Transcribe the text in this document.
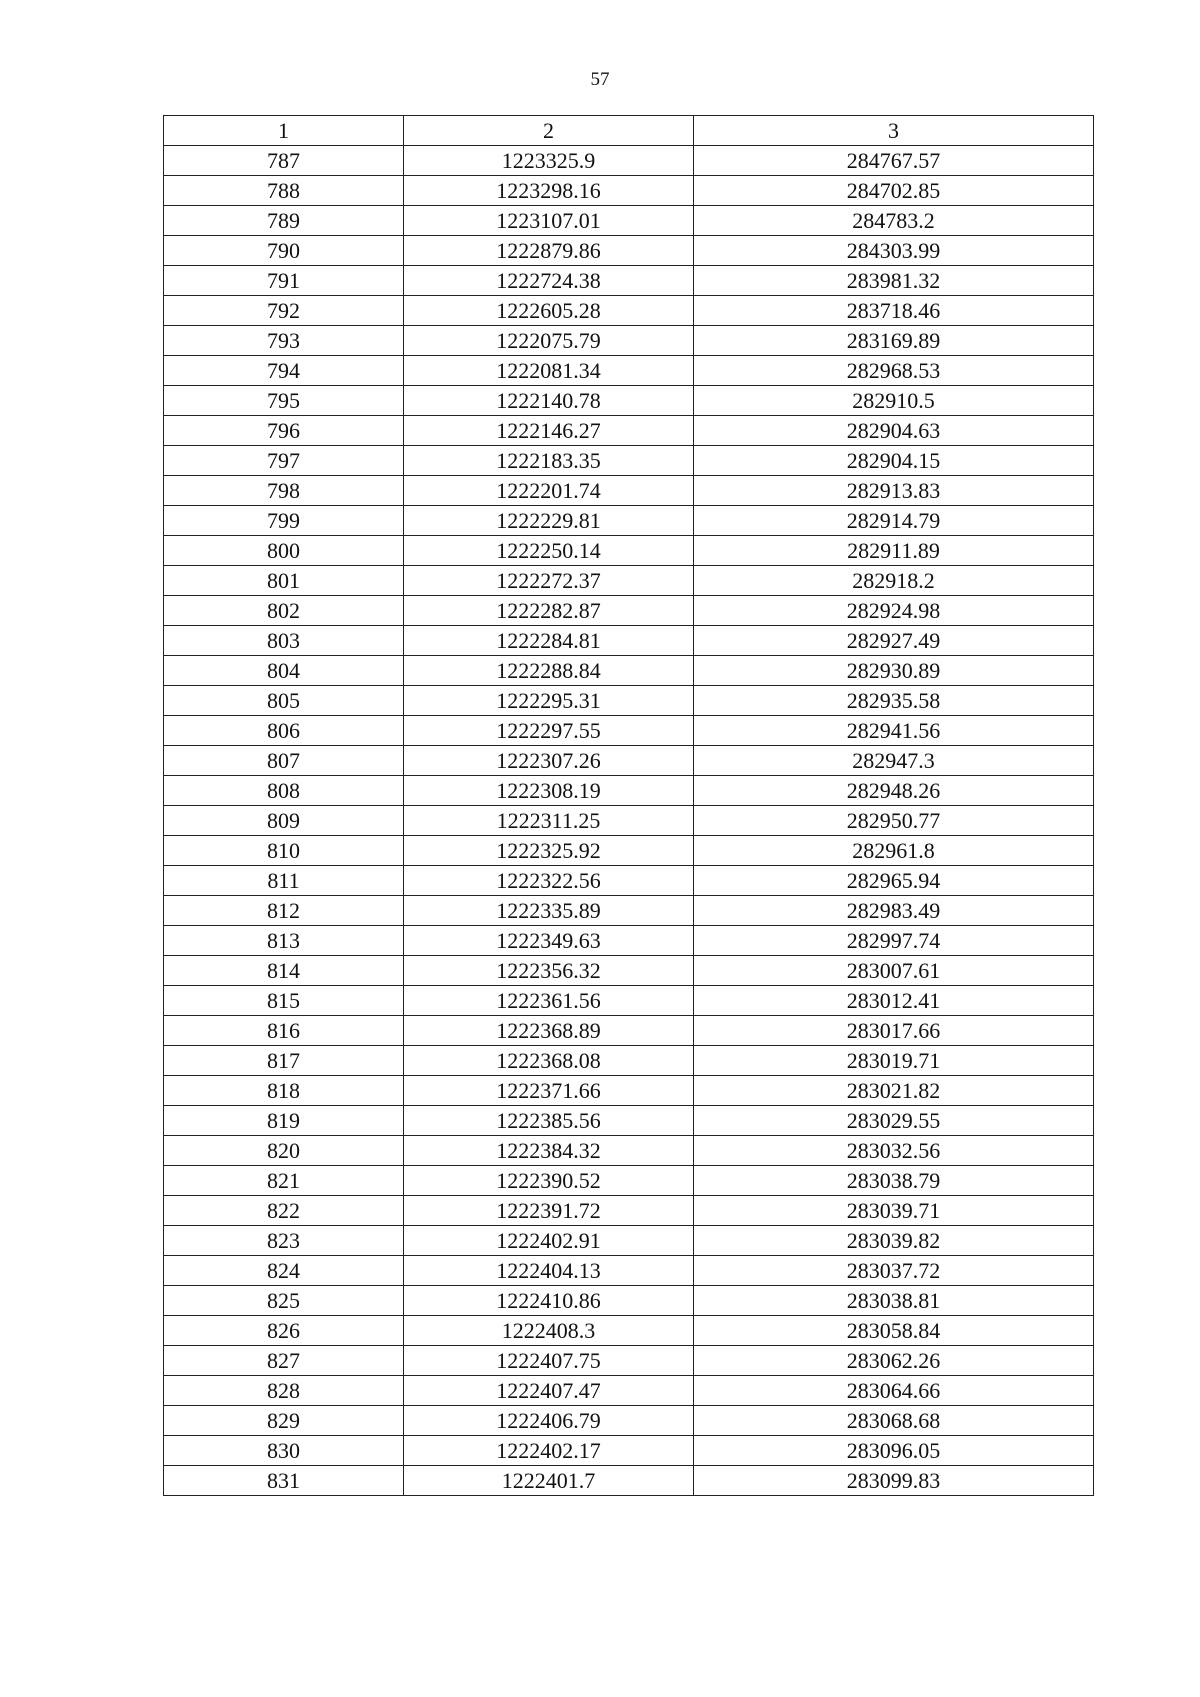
57
1	2	3
787	1223325.9	284767.57
788	1223298.16	284702.85
789	1223107.01	284783.2
790	1222879.86	284303.99
791	1222724.38	283981.32
792	1222605.28	283718.46
793	1222075.79	283169.89
794	1222081.34	282968.53
795	1222140.78	282910.5
796	1222146.27	282904.63
797	1222183.35	282904.15
798	1222201.74	282913.83
799	1222229.81	282914.79
800	1222250.14	282911.89
801	1222272.37	282918.2
802	1222282.87	282924.98
803	1222284.81	282927.49
804	1222288.84	282930.89
805	1222295.31	282935.58
806	1222297.55	282941.56
807	1222307.26	282947.3
808	1222308.19	282948.26
809	1222311.25	282950.77
810	1222325.92	282961.8
811	1222322.56	282965.94
812	1222335.89	282983.49
813	1222349.63	282997.74
814	1222356.32	283007.61
815	1222361.56	283012.41
816	1222368.89	283017.66
817	1222368.08	283019.71
818	1222371.66	283021.82
819	1222385.56	283029.55
820	1222384.32	283032.56
821	1222390.52	283038.79
822	1222391.72	283039.71
823	1222402.91	283039.82
824	1222404.13	283037.72
825	1222410.86	283038.81
826	1222408.3	283058.84
827	1222407.75	283062.26
828	1222407.47	283064.66
829	1222406.79	283068.68
830	1222402.17	283096.05
831	1222401.7	283099.83
